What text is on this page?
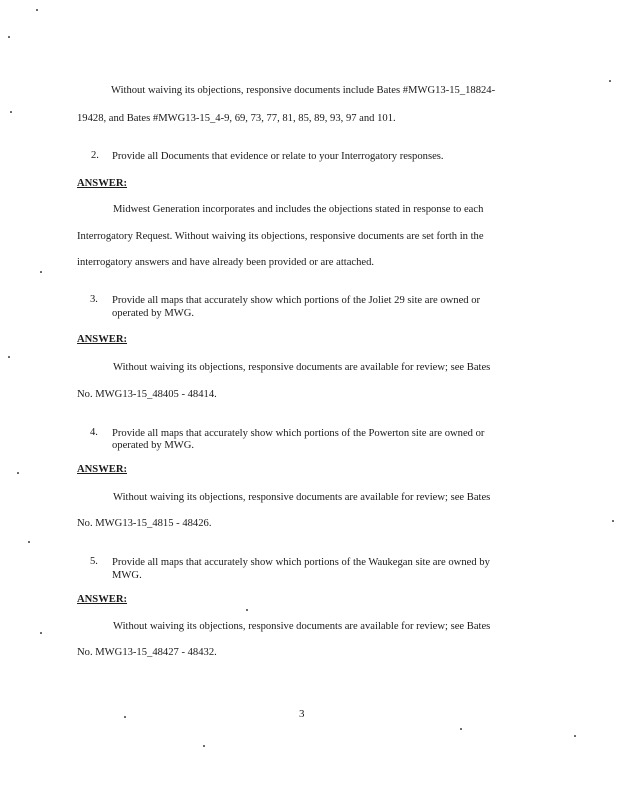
Without waiving its objections, responsive documents include Bates #MWG13-15_18824-
19428, and Bates #MWG13-15_4-9, 69, 73, 77, 81, 85, 89, 93, 97 and 101.
2. Provide all Documents that evidence or relate to your Interrogatory responses.
ANSWER:
Midwest Generation incorporates and includes the objections stated in response to each
Interrogatory Request. Without waiving its objections, responsive documents are set forth in the
interrogatory answers and have already been provided or are attached.
3. Provide all maps that accurately show which portions of the Joliet 29 site are owned or
operated by MWG.
ANSWER:
Without waiving its objections, responsive documents are available for review; see Bates
No. MWG13-15_48405 - 48414.
4. Provide all maps that accurately show which portions of the Powerton site are owned or
operated by MWG.
ANSWER:
Without waiving its objections, responsive documents are available for review; see Bates
No. MWG13-15_4815 - 48426.
5. Provide all maps that accurately show which portions of the Waukegan site are owned by
MWG.
ANSWER:
Without waiving its objections, responsive documents are available for review; see Bates
No. MWG13-15_48427 - 48432.
3
